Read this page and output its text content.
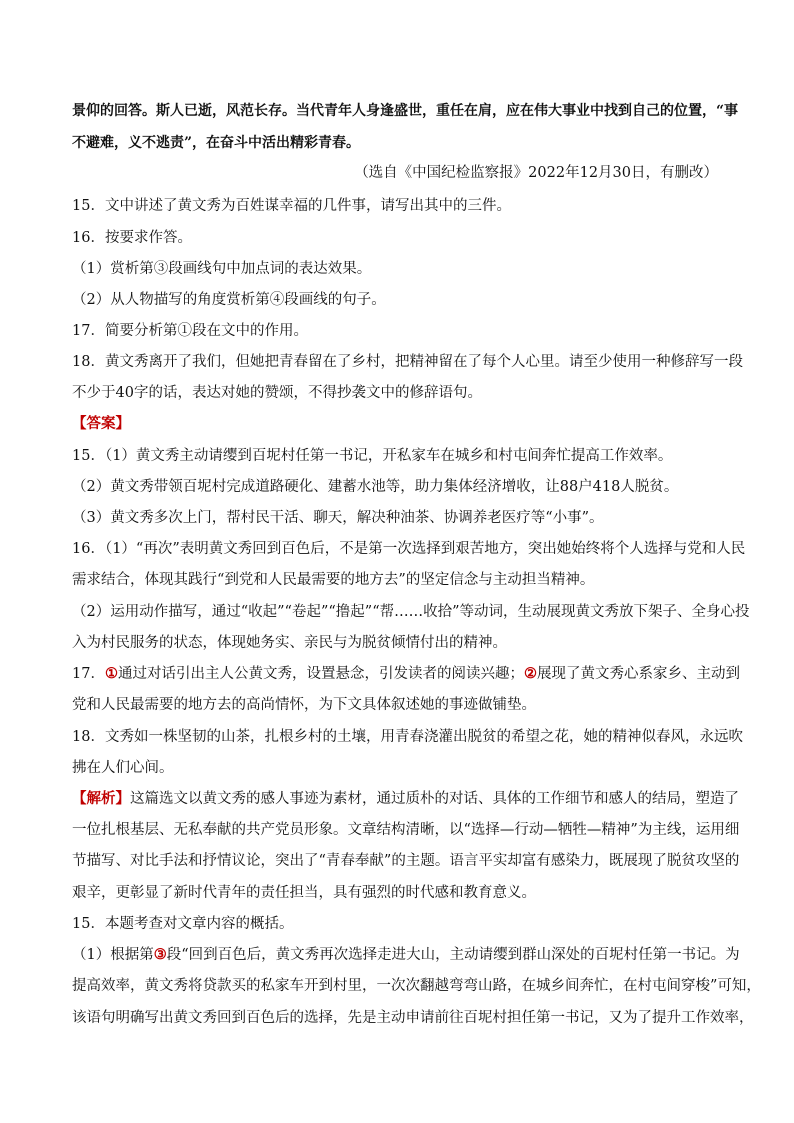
景仰的回答。斯人已逝，风范长存。当代青年人身逢盛世，重任在肩，应在伟大事业中找到自己的位置，“事
不避难，义不逃责”，在奋斗中活出精彩青春。
（选自《中国纪检监察报》2022年12月30日，有删改）
15．文中讲述了黄文秀为百姓谋幸福的几件事，请写出其中的三件。
16．按要求作答。
（1）赏析第③段画线句中加点词的表达效果。
（2）从人物描写的角度赏析第④段画线的句子。
17．简要分析第①段在文中的作用。
18．黄文秀离开了我们，但她把青春留在了乡村，把精神留在了每个人心里。请至少使用一种修辞写一段
不少于40字的话，表达对她的赞颂，不得抄袭文中的修辞语句。
【答案】
15．（1）黄文秀主动请缨到百坭村任第一书记，开私家车在城乡和村屯间奔忙提高工作效率。
（2）黄文秀带领百坭村完成道路硬化、建蓄水池等，助力集体经济增收，让88户418人脱贫。
（3）黄文秀多次上门，帮村民干活、聊天，解决种油茶、协调养老医疗等“小事”。
16．（1）“再次”表明黄文秀回到百色后，不是第一次选择到艰苦地方，突出她始终将个人选择与党和人民
需求结合，体现其践行“到党和人民最需要的地方去”的坚定信念与主动担当精神。
（2）运用动作描写，通过“收起”“卷起”“撸起”“帮……收拾”等动词，生动展现黄文秀放下架子、全身心投
入为村民服务的状态，体现她务实、亲民与为脱贫倾情付出的精神。
17．①通过对话引出主人公黄文秀，设置悬念，引发读者的阅读兴趣；②展现了黄文秀心系家乡、主动到
党和人民最需要的地方去的高尚情怀，为下文具体叙述她的事迹做铺垫。
18．文秀如一株坚韧的山茶，扎根乡村的土壤，用青春浇灌出脱贫的希望之花，她的精神似春风，永远吹
拂在人们心间。
【解析】这篇选文以黄文秀的感人事迹为素材，通过质朴的对话、具体的工作细节和感人的结局，塑造了
一位扎根基层、无私奉献的共产党员形象。文章结构清晰，以“选择—行动—牺牲—精神”为主线，运用细
节描写、对比手法和抒情议论，突出了“青春奉献”的主题。语言平实却富有感染力，既展现了脱贫攻坚的
艰辛，更彰显了新时代青年的责任担当，具有强烈的时代感和教育意义。
15．本题考查对文章内容的概括。
（1）根据第③段“回到百色后，黄文秀再次选择走进大山，主动请缨到群山深处的百坭村任第一书记。为
提高效率，黄文秀将贷款买的私家车开到村里，一次次翻越弯弯山路，在城乡间奔忙，在村屯间穿梭”可知，
该语句明确写出黄文秀回到百色后的选择，先是主动申请前往百坭村担任第一书记，又为了提升工作效率，
